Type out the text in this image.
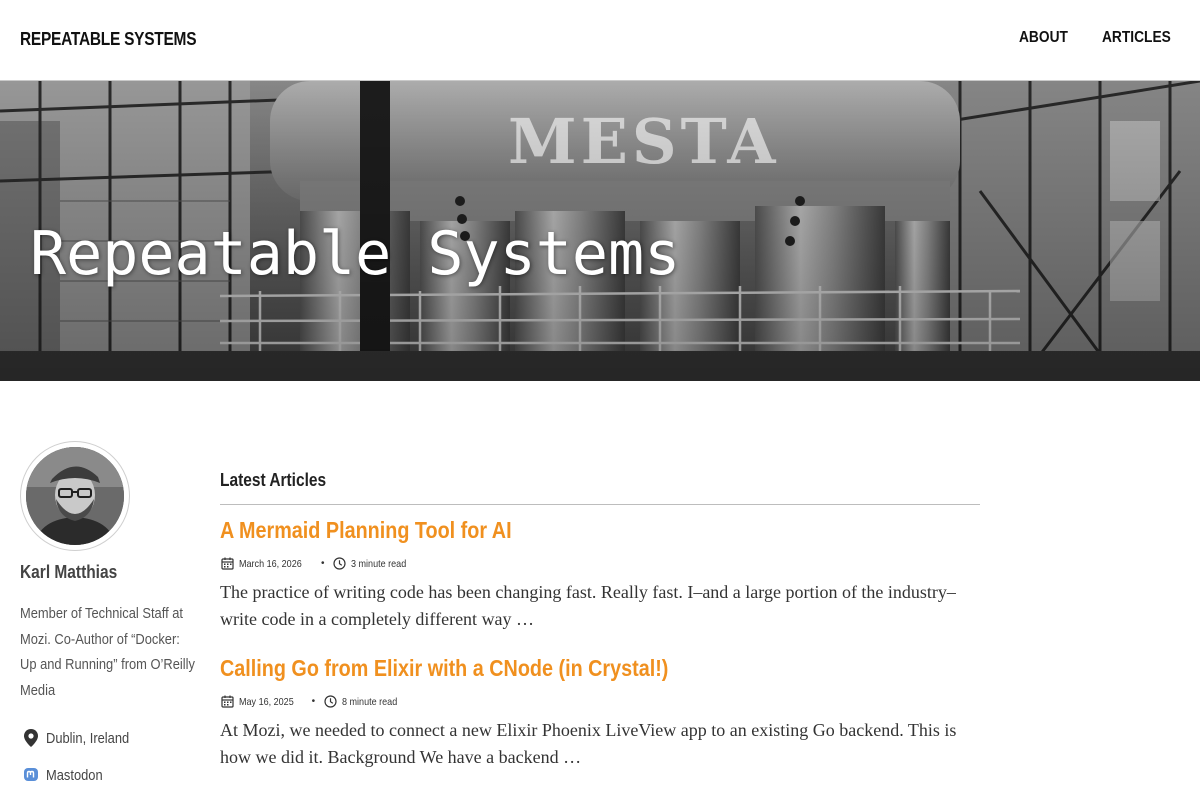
REPEATABLE SYSTEMS	ABOUT ARTICLES
Repeatable Systems
Karl Matthias
Member of Technical Staff at Mozi. Co-Author of “Docker: Up and Running” from O’Reilly Media
Dublin, Ireland
Mastodon
Latest Articles
A Mermaid Planning Tool for AI
March 16, 2026 •	3 minute read

The practice of writing code has been changing fast. Really fast. I–and a large portion of the industry–write code in a completely different way …

Calling Go from Elixir with a CNode (in Crystal!)
May 16, 2025 •	8 minute read

At Mozi, we needed to connect a new Elixir Phoenix LiveView app to an existing Go backend. This is how we did it. Background We have a backend …
